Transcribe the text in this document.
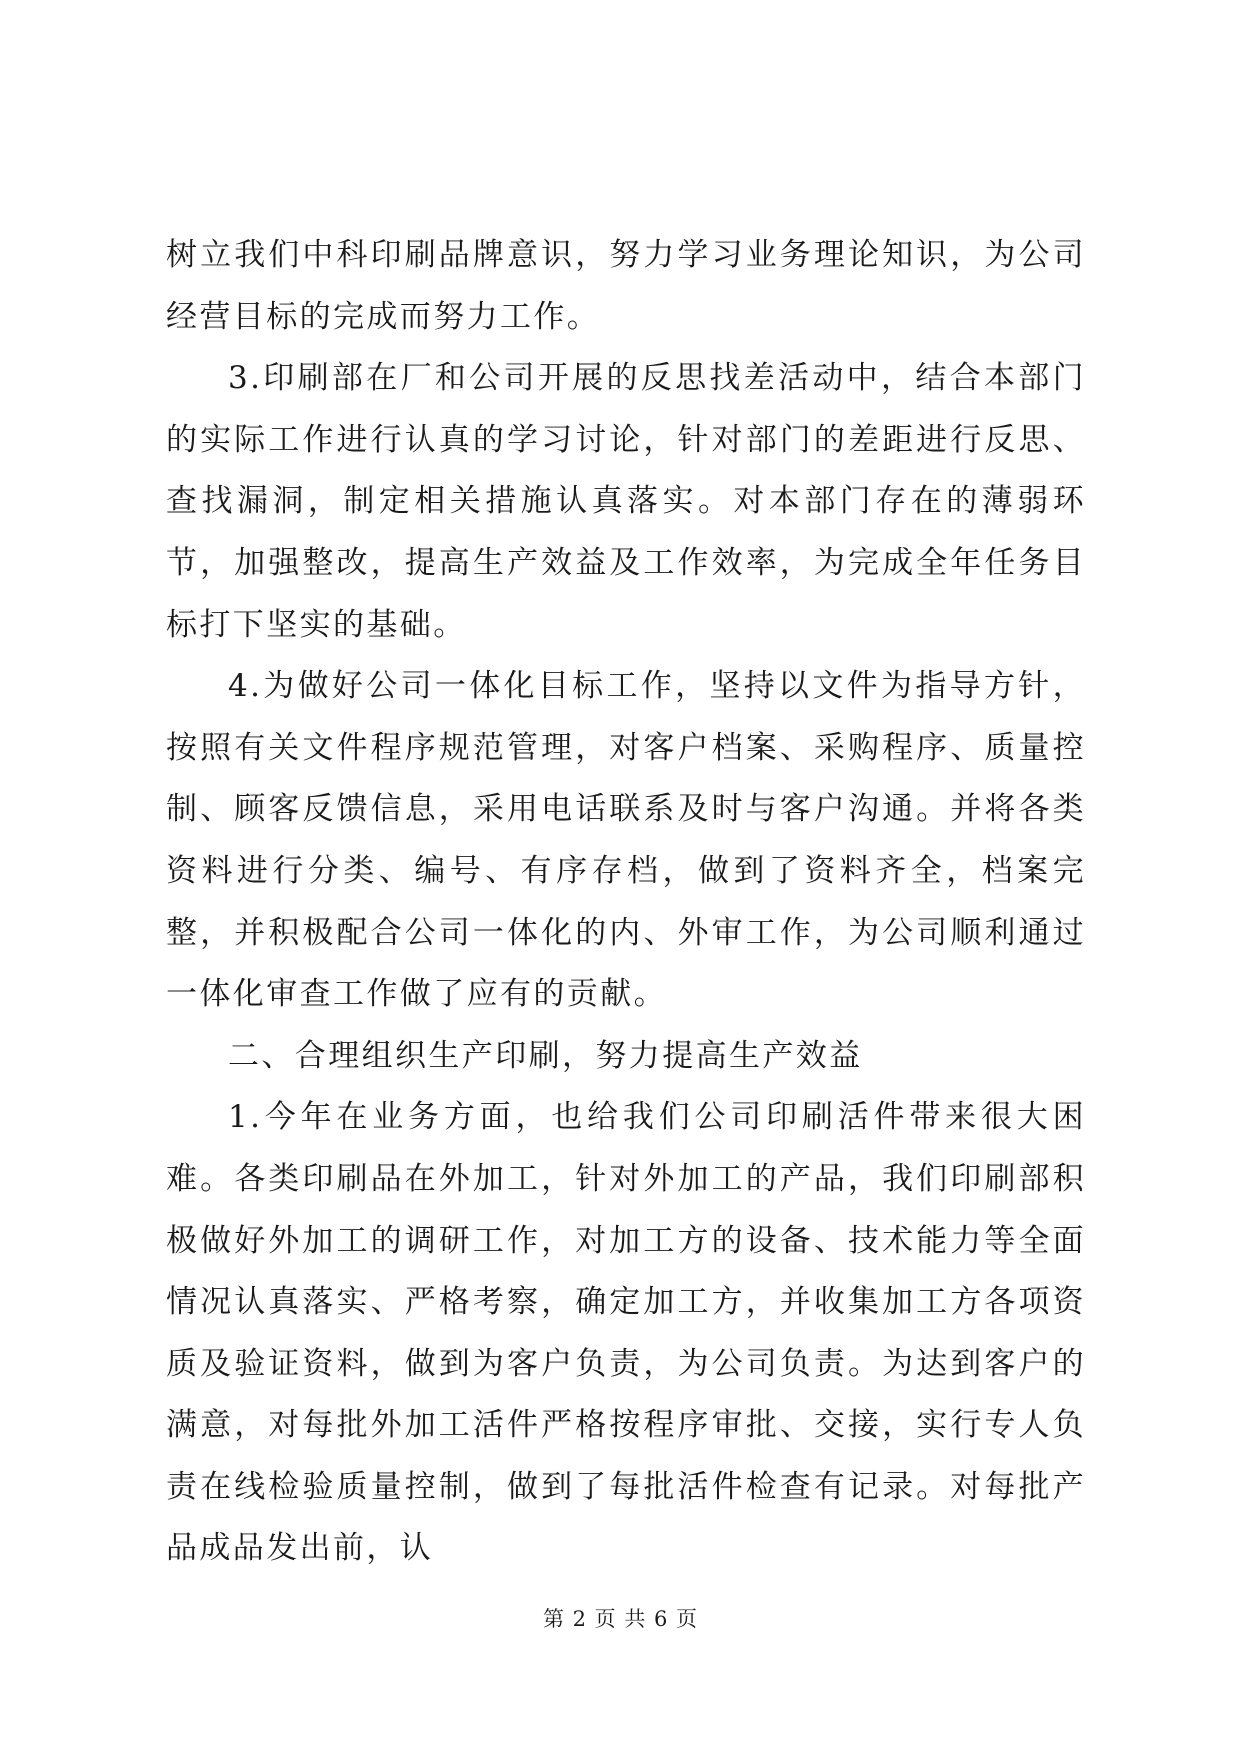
树立我们中科印刷品牌意识，努力学习业务理论知识，为公司经营目标的完成而努力工作。

3.印刷部在厂和公司开展的反思找差活动中，结合本部门的实际工作进行认真的学习讨论，针对部门的差距进行反思、查找漏洞，制定相关措施认真落实。对本部门存在的薄弱环节，加强整改，提高生产效益及工作效率，为完成全年任务目标打下坚实的基础。

4.为做好公司一体化目标工作，坚持以文件为指导方针，按照有关文件程序规范管理，对客户档案、采购程序、质量控制、顾客反馈信息，采用电话联系及时与客户沟通。并将各类资料进行分类、编号、有序存档，做到了资料齐全，档案完整，并积极配合公司一体化的内、外审工作，为公司顺利通过一体化审查工作做了应有的贡献。

二、合理组织生产印刷，努力提高生产效益

1.今年在业务方面，也给我们公司印刷活件带来很大困难。各类印刷品在外加工，针对外加工的产品，我们印刷部积极做好外加工的调研工作，对加工方的设备、技术能力等全面情况认真落实、严格考察，确定加工方，并收集加工方各项资质及验证资料，做到为客户负责，为公司负责。为达到客户的满意，对每批外加工活件严格按程序审批、交接，实行专人负责在线检验质量控制，做到了每批活件检查有记录。对每批产品成品发出前，认

第 2 页 共 6 页
